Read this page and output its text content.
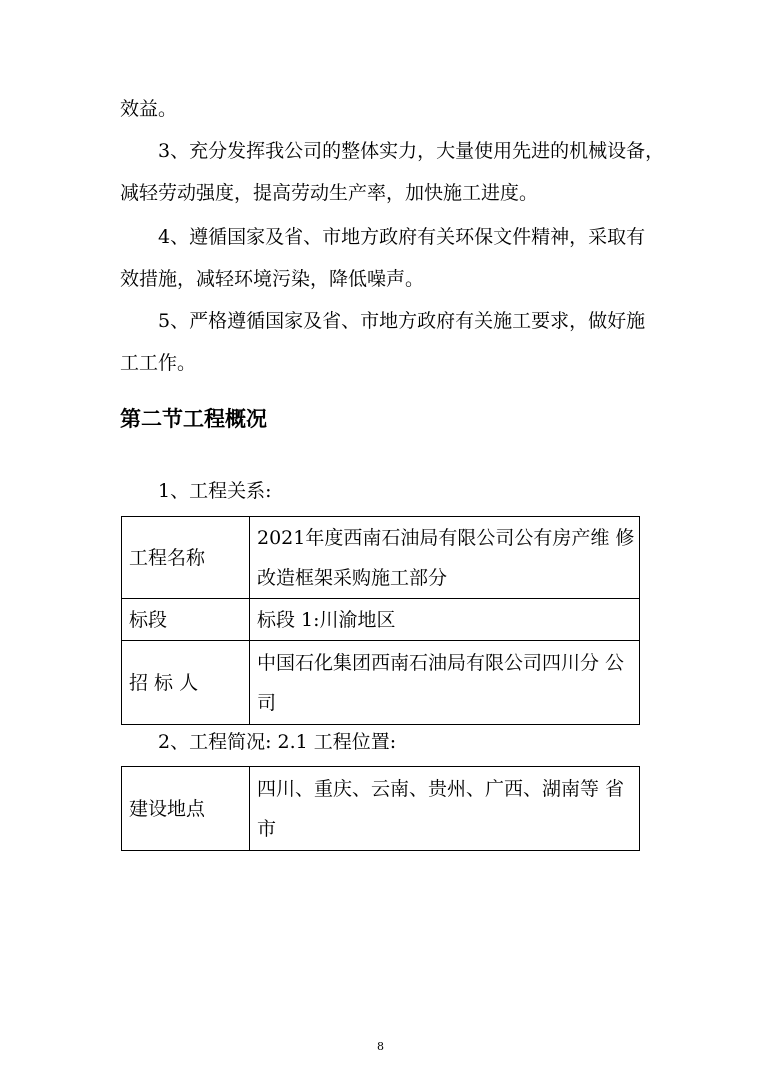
效益。

3、充分发挥我公司的整体实力，大量使用先进的机械设备，

减轻劳动强度，提高劳动生产率，加快施工进度。

4、遵循国家及省、市地方政府有关环保文件精神，采取有

效措施，减轻环境污染，降低噪声。

5、严格遵循国家及省、市地方政府有关施工要求，做好施

工工作。

第二节工程概况

1、工程关系:

工程名称	2021年度西南石油局有限公司公有房产维 修改造框架采购施工部分
标段	标段 1:川渝地区
招 标 人	中国石化集团西南石油局有限公司四川分 公司

2、工程简况: 2.1 工程位置:

建设地点	四川、重庆、云南、贵州、广西、湖南等 省市
8
